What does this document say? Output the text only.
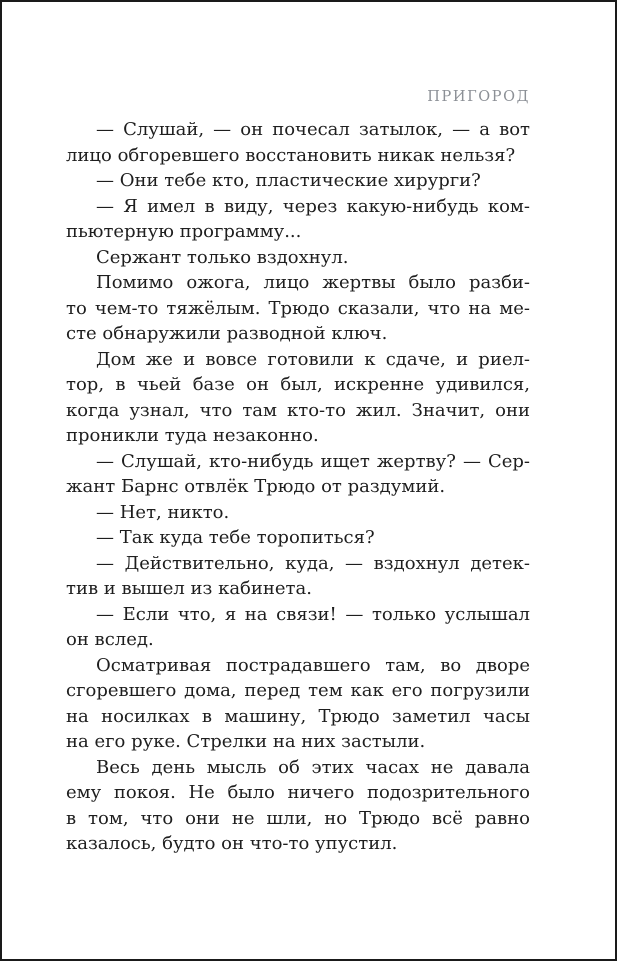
ПРИГОРОД

— Слушай, — он почесал затылок, — а вот
лицо обгоревшего восстановить никак нельзя?

— Они тебе кто, пластические хирурги?

— Я имел в виду, через какую-нибудь ком-
пьютерную программу...

Сержант только вздохнул.

Помимо ожога, лицо жертвы было разби-
то чем-то тяжёлым. Трюдо сказали, что на ме-
сте обнаружили разводной ключ.

Дом же и вовсе готовили к сдаче, и риел-
тор, в чьей базе он был, искренне удивился,
когда узнал, что там кто-то жил. Значит, они
проникли туда незаконно.

— Слушай, кто-нибудь ищет жертву? — Сер-
жант Барнс отвлёк Трюдо от раздумий.

— Нет, никто.

— Так куда тебе торопиться?

— Действительно, куда, — вздохнул детек-
тив и вышел из кабинета.

— Если что, я на связи! — только услышал
он вслед.

Осматривая пострадавшего там, во дворе
сгоревшего дома, перед тем как его погрузили
на носилках в машину, Трюдо заметил часы
на его руке. Стрелки на них застыли.

Весь день мысль об этих часах не давала
ему покоя. Не было ничего подозрительного
в том, что они не шли, но Трюдо всё равно
казалось, будто он что-то упустил.
